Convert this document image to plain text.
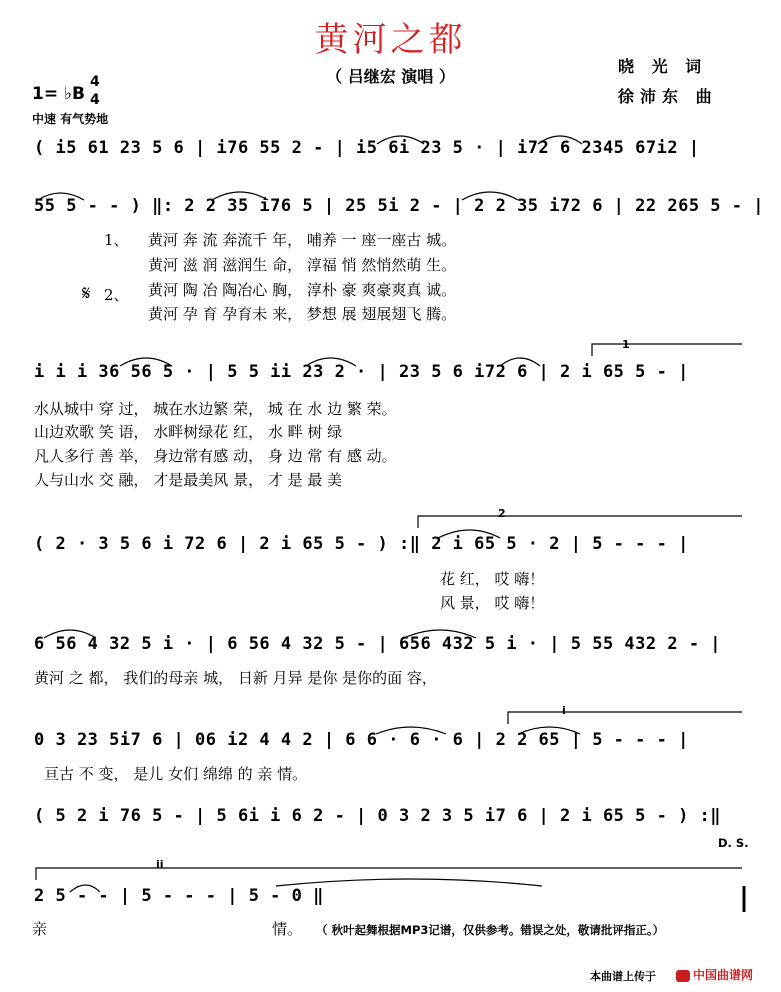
黄河之都
（ 吕继宏 演唱 ）
晓 光 词
徐沛东 曲
1= ♭B
4
4
中速 有气势地
( i5 61 23 5 6 | i76 55 2 - | i5 6i 23 5 · | i72 6 2345 67i2 |
55 5 - - ) ‖: 2 2 35 i76 5 | 25 5i 2 - | 2 2 35 i72 6 | 22 265 5 - |
1、
𝄋 2、
黄河 奔 流 奔流千 年， 哺养 一 座一座古 城。
黄河 滋 润 滋润生 命， 淳福 悄 然悄然萌 生。
黄河 陶 冶 陶冶心 胸， 淳朴 豪 爽豪爽真 诚。
黄河 孕 育 孕育未 来， 梦想 展 翅展翅飞 腾。
i i i 36 56 5 · | 5 5 ii 23 2 · | 23 5 6 i72 6 | 2 i 65 5 - |
1
水从城中 穿 过， 城在水边繁 荣， 城 在 水 边 繁 荣。
山边欢歌 笑 语， 水畔树绿花 红， 水 畔 树 绿
凡人多行 善 举， 身边常有感 动， 身 边 常 有 感 动。
人与山水 交 融， 才是最美风 景， 才 是 最 美
( 2 · 3 5 6 i 72 6 | 2 i 65 5 - ) :‖ 2 i 65 5 · 2 | 5 - - - |
2
花 红， 哎 嗨！
风 景， 哎 嗨！
6 56 4 32 5 i · | 6 56 4 32 5 - | 656 432 5 i · | 5 55 432 2 - |
黄河 之 都， 我们的母亲 城， 日新 月异 是你 是你的面 容，
0 3 23 5i7 6 | 06 i2 4 4 2 | 6 6 · 6 · 6 | 2 2 65 | 5 - - - |
i
亘古 不 变， 是儿 女们 绵绵 的 亲 情。
( 5 2 i 76 5 - | 5 6i i 6 2 - | 0 3 2 3 5 i7 6 | 2 i 65 5 - ) :‖
D. S.
ii
2 5 - - | 5 - - - | 5 - 0 ‖
亲	情。 （ 秋叶起舞根据MP3记谱，仅供参考。错误之处，敬请批评指正。）
本曲谱上传于	中国曲谱网
